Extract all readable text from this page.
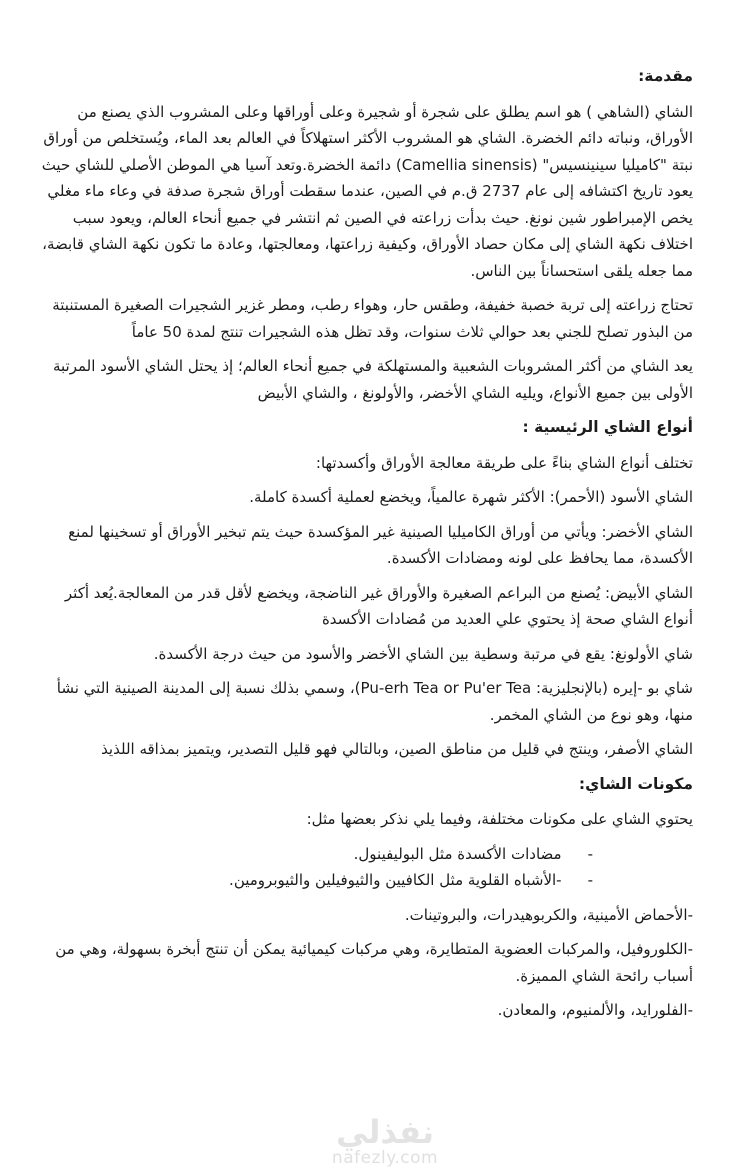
مقدمة:
الشاي (الشاهي ) هو اسم يطلق على شجرة أو شجيرة وعلى أوراقها وعلى المشروب الذي يصنع من الأوراق، ونباته دائم الخضرة. الشاي هو المشروب الأكثر استهلاكاً في العالم بعد الماء، ويُستخلص من أوراق نبتة "كاميليا سينينسيس" (Camellia sinensis) دائمة الخضرة.وتعد آسيا هي الموطن الأصلي للشاي حيث يعود تاريخ اكتشافه إلى عام 2737 ق.م في الصين، عندما سقطت أوراق شجرة صدفة في وعاء ماء مغلي يخص الإمبراطور شين نونغ. حيث بدأت زراعته في الصين ثم انتشر في جميع أنحاء العالم، ويعود سبب اختلاف نكهة الشاي إلى مكان حصاد الأوراق، وكيفية زراعتها، ومعالجتها، وعادة ما تكون نكهة الشاي قابضة، مما جعله يلقى استحساناً بين الناس.
تحتاج زراعته إلى تربة خصبة خفيفة، وطقس حار، وهواء رطب، ومطر غزير الشجيرات الصغيرة المستنبتة من البذور تصلح للجني بعد حوالي ثلاث سنوات، وقد تظل هذه الشجيرات تنتج لمدة 50 عاماً
يعد الشاي من أكثر المشروبات الشعبية والمستهلكة في جميع أنحاء العالم؛ إذ يحتل الشاي الأسود المرتبة الأولى بين جميع الأنواع، ويليه الشاي الأخضر، والأولونغ ، والشاي الأبيض
أنواع الشاي الرئيسية :
تختلف أنواع الشاي بناءً على طريقة معالجة الأوراق وأكسدتها:
الشاي الأسود (الأحمر): الأكثر شهرة عالمياً، ويخضع لعملية أكسدة كاملة.
الشاي الأخضر: ويأتي من أوراق الكاميليا الصينية غير المؤكسدة حيث يتم تبخير الأوراق أو تسخينها لمنع الأكسدة، مما يحافظ على لونه ومضادات الأكسدة.
الشاي الأبيض: يُصنع من البراعم الصغيرة والأوراق غير الناضجة، ويخضع لأقل قدر من المعالجة.يُعد أكثر أنواع الشاي صحة إذ يحتوي علي العديد من مُضادات الأكسدة
شاي الأولونغ: يقع في مرتبة وسطية بين الشاي الأخضر والأسود من حيث درجة الأكسدة.
شاي بو -إيره (بالإنجليزية: Pu-erh Tea or Pu'er Tea)، وسمي بذلك نسبة إلى المدينة الصينية التي نشأ منها، وهو نوع من الشاي المخمر.
الشاي الأصفر، وينتج في قليل من مناطق الصين، وبالتالي فهو قليل التصدير، ويتميز بمذاقه اللذيذ
مكونات الشاي:
يحتوي الشاي على مكونات مختلفة، وفيما يلي نذكر بعضها مثل:
-مضادات الأكسدة مثل البوليفينول.
--الأشباه القلوية مثل الكافيين والثيوفيلين والثيوبرومين.
-الأحماض الأمينية، والكربوهيدرات، والبروتينات.
-الكلوروفيل، والمركبات العضوية المتطايرة، وهي مركبات كيميائية يمكن أن تنتج أبخرة بسهولة، وهي من أسباب رائحة الشاي المميزة.
-الفلورايد، والألمنيوم، والمعادن.
نفذلي
nafezly.com
